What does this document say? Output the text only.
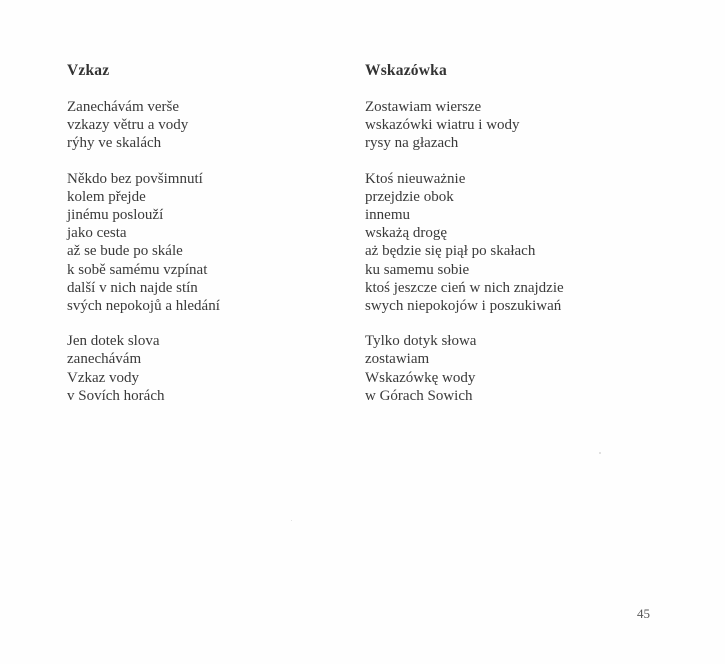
Vzkaz
Zanechávám verše
vzkazy větru a vody
rýhy ve skalách
Někdo bez povšimnutí
kolem přejde
jinému poslouží
jako cesta
až se bude po skále
k sobě samému vzpínat
další v nich najde stín
svých nepokojů a hledání
Jen dotek slova
zanechávám
Vzkaz vody
v Sovích horách
Wskazówka
Zostawiam wiersze
wskazówki wiatru i wody
rysy na głazach
Ktoś nieuważnie
przejdzie obok
innemu
wskażą drogę
aż będzie się piął po skałach
ku samemu sobie
ktoś jeszcze cień w nich znajdzie
swych niepokojów i poszukiwań
Tylko dotyk słowa
zostawiam
Wskazówkę wody
w Górach Sowich
45
